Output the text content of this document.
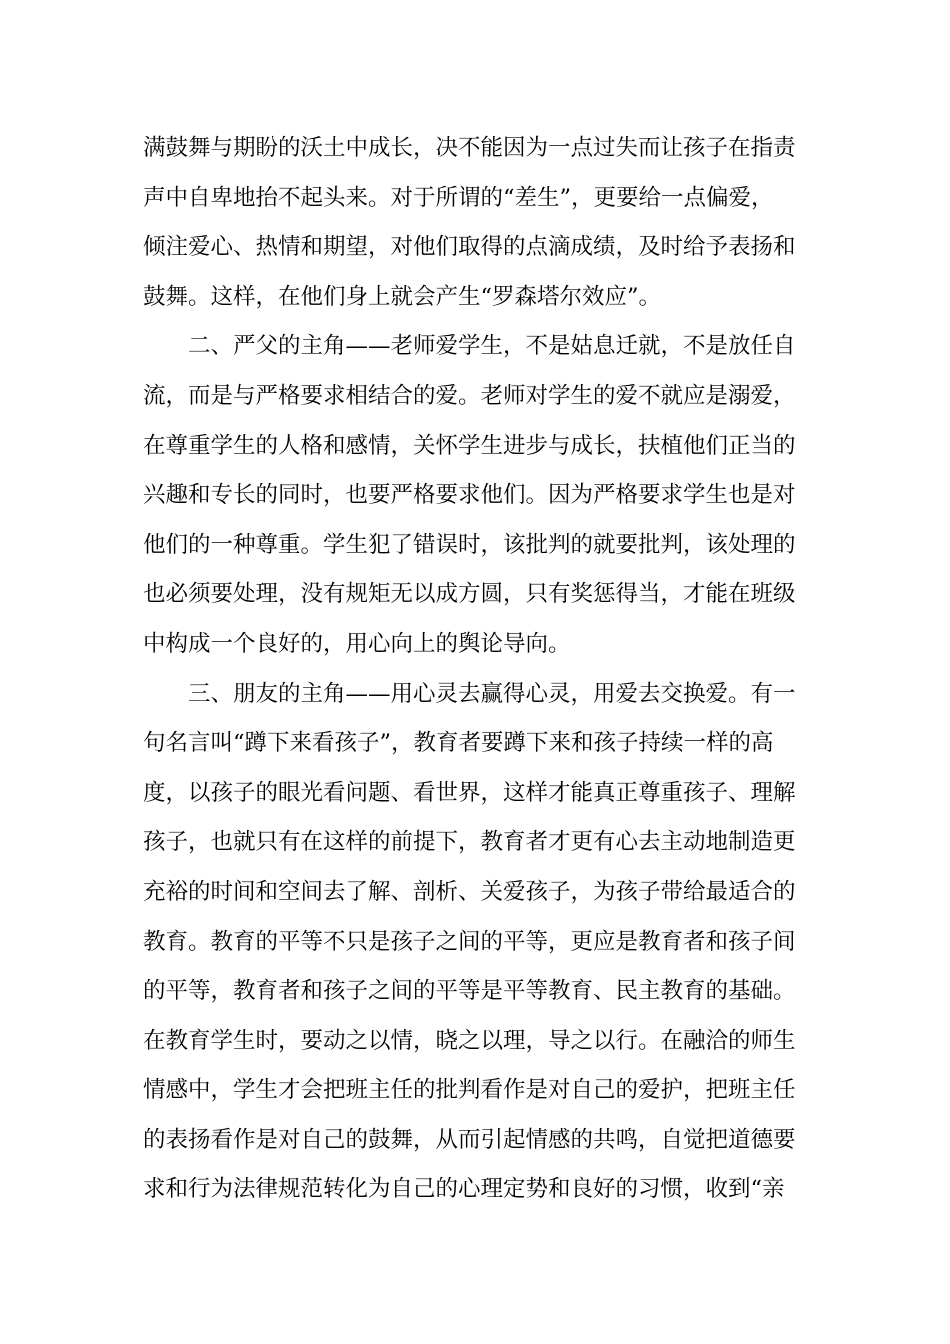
满鼓舞与期盼的沃土中成长，决不能因为一点过失而让孩子在指责
声中自卑地抬不起头来。对于所谓的“差生”，更要给一点偏爱，
倾注爱心、热情和期望，对他们取得的点滴成绩，及时给予表扬和
鼓舞。这样，在他们身上就会产生“罗森塔尔效应”。
　　二、严父的主角——老师爱学生，不是姑息迁就，不是放任自
流，而是与严格要求相结合的爱。老师对学生的爱不就应是溺爱，
在尊重学生的人格和感情，关怀学生进步与成长，扶植他们正当的
兴趣和专长的同时，也要严格要求他们。因为严格要求学生也是对
他们的一种尊重。学生犯了错误时，该批判的就要批判，该处理的
也必须要处理，没有规矩无以成方圆，只有奖惩得当，才能在班级
中构成一个良好的，用心向上的舆论导向。
　　三、朋友的主角——用心灵去赢得心灵，用爱去交换爱。有一
句名言叫“蹲下来看孩子”，教育者要蹲下来和孩子持续一样的高
度，以孩子的眼光看问题、看世界，这样才能真正尊重孩子、理解
孩子，也就只有在这样的前提下，教育者才更有心去主动地制造更
充裕的时间和空间去了解、剖析、关爱孩子，为孩子带给最适合的
教育。教育的平等不只是孩子之间的平等，更应是教育者和孩子间
的平等，教育者和孩子之间的平等是平等教育、民主教育的基础。
在教育学生时，要动之以情，晓之以理，导之以行。在融洽的师生
情感中，学生才会把班主任的批判看作是对自己的爱护，把班主任
的表扬看作是对自己的鼓舞，从而引起情感的共鸣，自觉把道德要
求和行为法律规范转化为自己的心理定势和良好的习惯，收到“亲
